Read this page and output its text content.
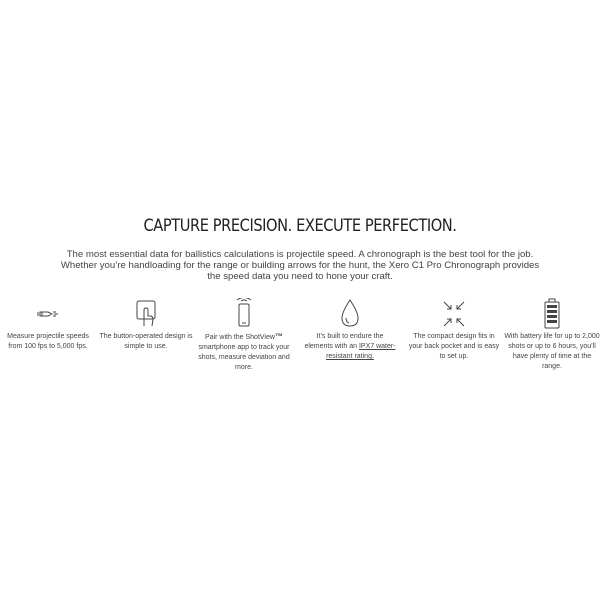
CAPTURE PRECISION. EXECUTE PERFECTION.

The most essential data for ballistics calculations is projectile speed. A chronograph is the best tool for the job. Whether you’re handloading for the range or building arrows for the hunt, the Xero C1 Pro Chronograph provides the speed data you need to hone your craft.

Measure projectile speeds from 100 fps to 5,000 fps.
The button-operated design is simple to use.
Pair with the ShotView™ smartphone app to track your shots, measure deviation and more.
It’s built to endure the elements with an IPX7 water-resistant rating.
The compact design fits in your back pocket and is easy to set up.
With battery life for up to 2,000 shots or up to 6 hours, you’ll have plenty of time at the range.
